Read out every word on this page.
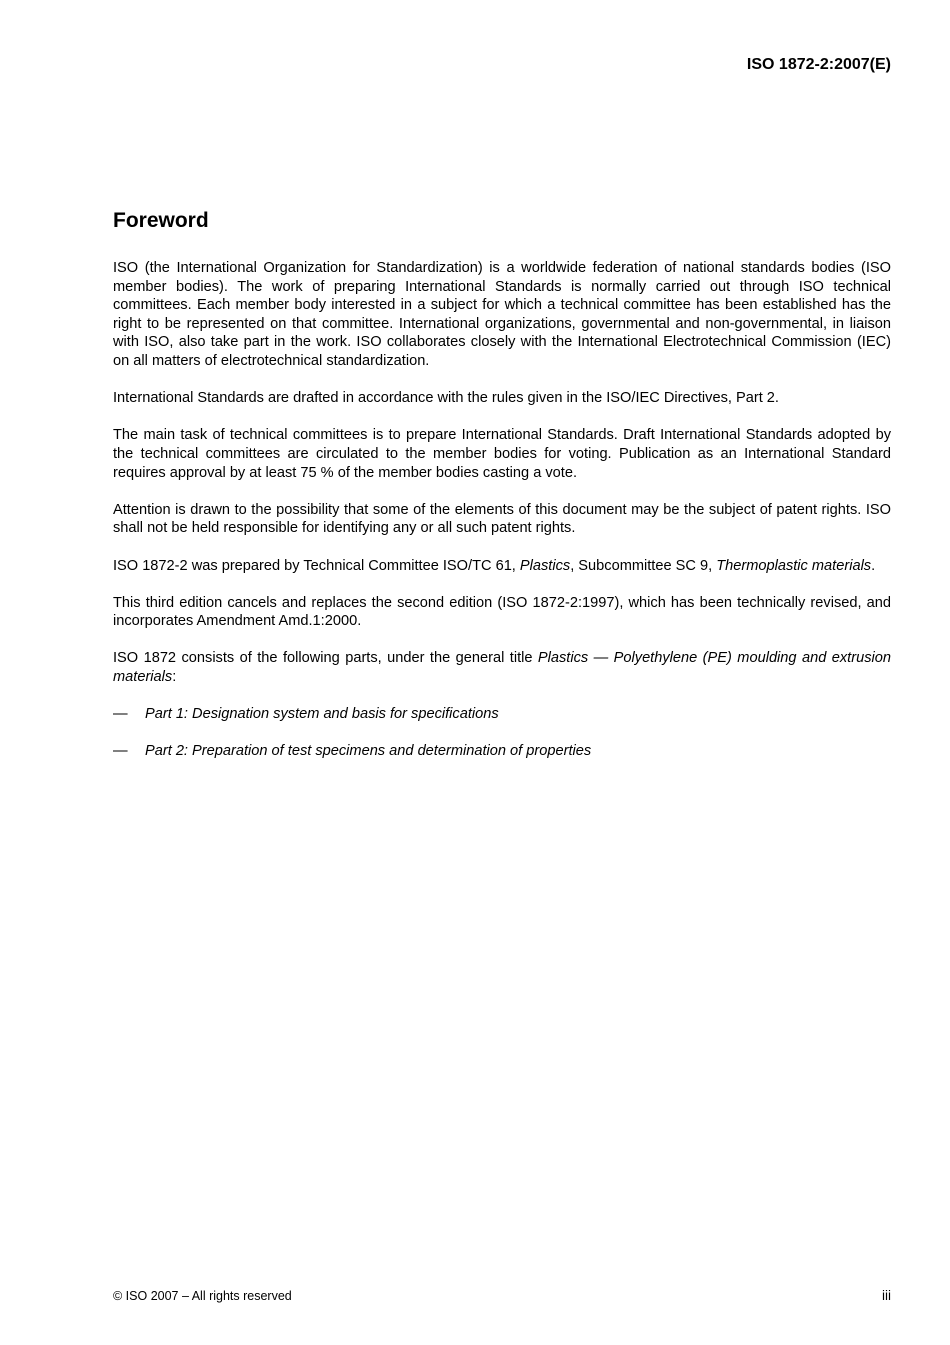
ISO 1872-2:2007(E)
Foreword

ISO (the International Organization for Standardization) is a worldwide federation of national standards bodies (ISO member bodies). The work of preparing International Standards is normally carried out through ISO technical committees. Each member body interested in a subject for which a technical committee has been established has the right to be represented on that committee. International organizations, governmental and non-governmental, in liaison with ISO, also take part in the work. ISO collaborates closely with the International Electrotechnical Commission (IEC) on all matters of electrotechnical standardization.

International Standards are drafted in accordance with the rules given in the ISO/IEC Directives, Part 2.

The main task of technical committees is to prepare International Standards. Draft International Standards adopted by the technical committees are circulated to the member bodies for voting. Publication as an International Standard requires approval by at least 75 % of the member bodies casting a vote.

Attention is drawn to the possibility that some of the elements of this document may be the subject of patent rights. ISO shall not be held responsible for identifying any or all such patent rights.

ISO 1872-2 was prepared by Technical Committee ISO/TC 61, Plastics, Subcommittee SC 9, Thermoplastic materials.

This third edition cancels and replaces the second edition (ISO 1872-2:1997), which has been technically revised, and incorporates Amendment Amd.1:2000.

ISO 1872 consists of the following parts, under the general title Plastics — Polyethylene (PE) moulding and extrusion materials:

— Part 1: Designation system and basis for specifications
— Part 2: Preparation of test specimens and determination of properties
© ISO 2007 – All rights reserved	iii
